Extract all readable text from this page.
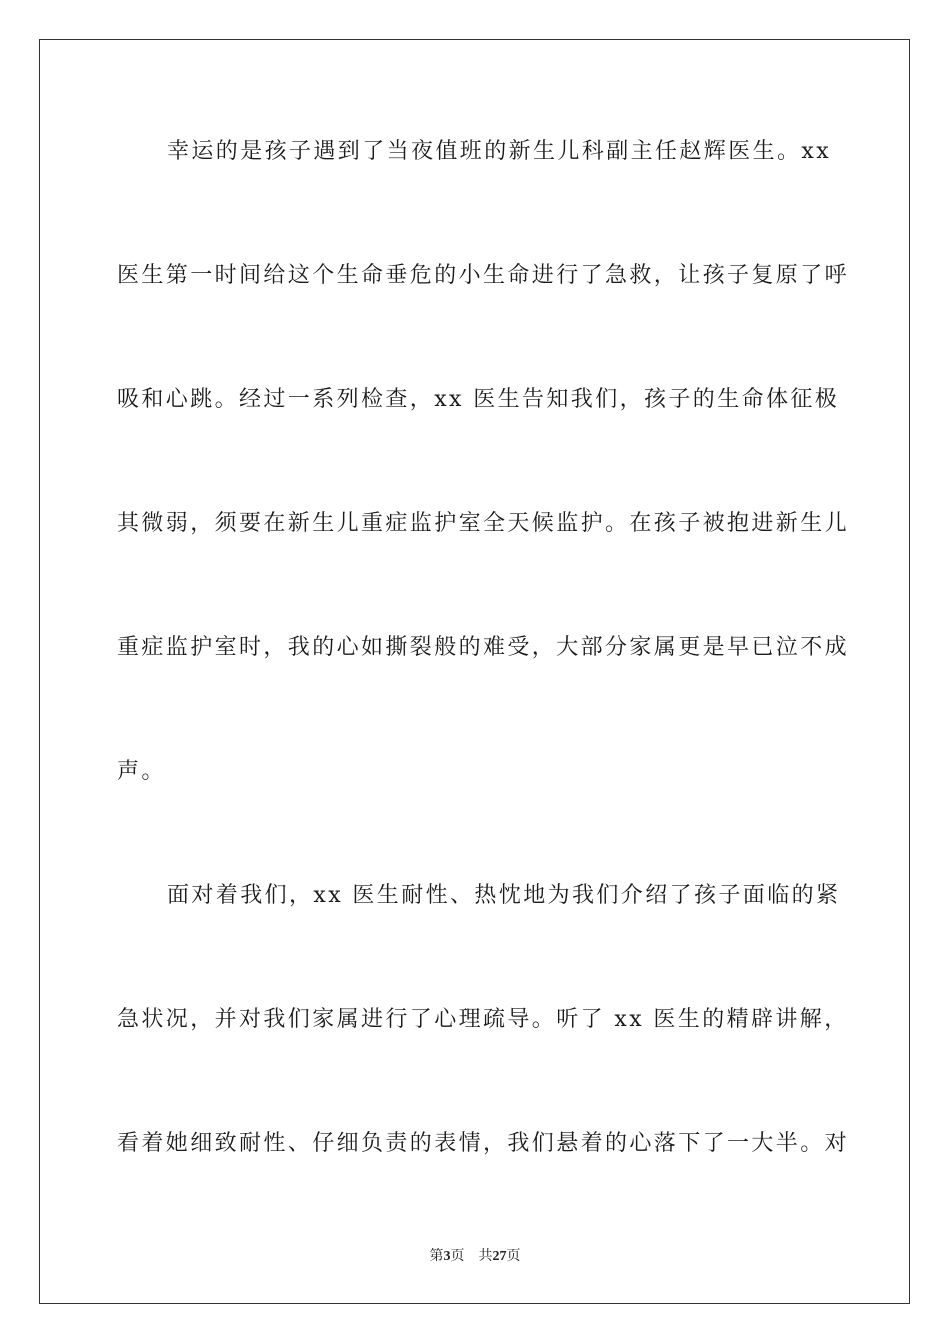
幸运的是孩子遇到了当夜值班的新生儿科副主任赵辉医生。xx
医生第一时间给这个生命垂危的小生命进行了急救，让孩子复原了呼
吸和心跳。经过一系列检查，xx 医生告知我们，孩子的生命体征极
其微弱，须要在新生儿重症监护室全天候监护。在孩子被抱进新生儿
重症监护室时，我的心如撕裂般的难受，大部分家属更是早已泣不成
声。
面对着我们，xx 医生耐性、热忱地为我们介绍了孩子面临的紧
急状况，并对我们家属进行了心理疏导。听了 xx 医生的精辟讲解，
看着她细致耐性、仔细负责的表情，我们悬着的心落下了一大半。对
第3页 共27页
